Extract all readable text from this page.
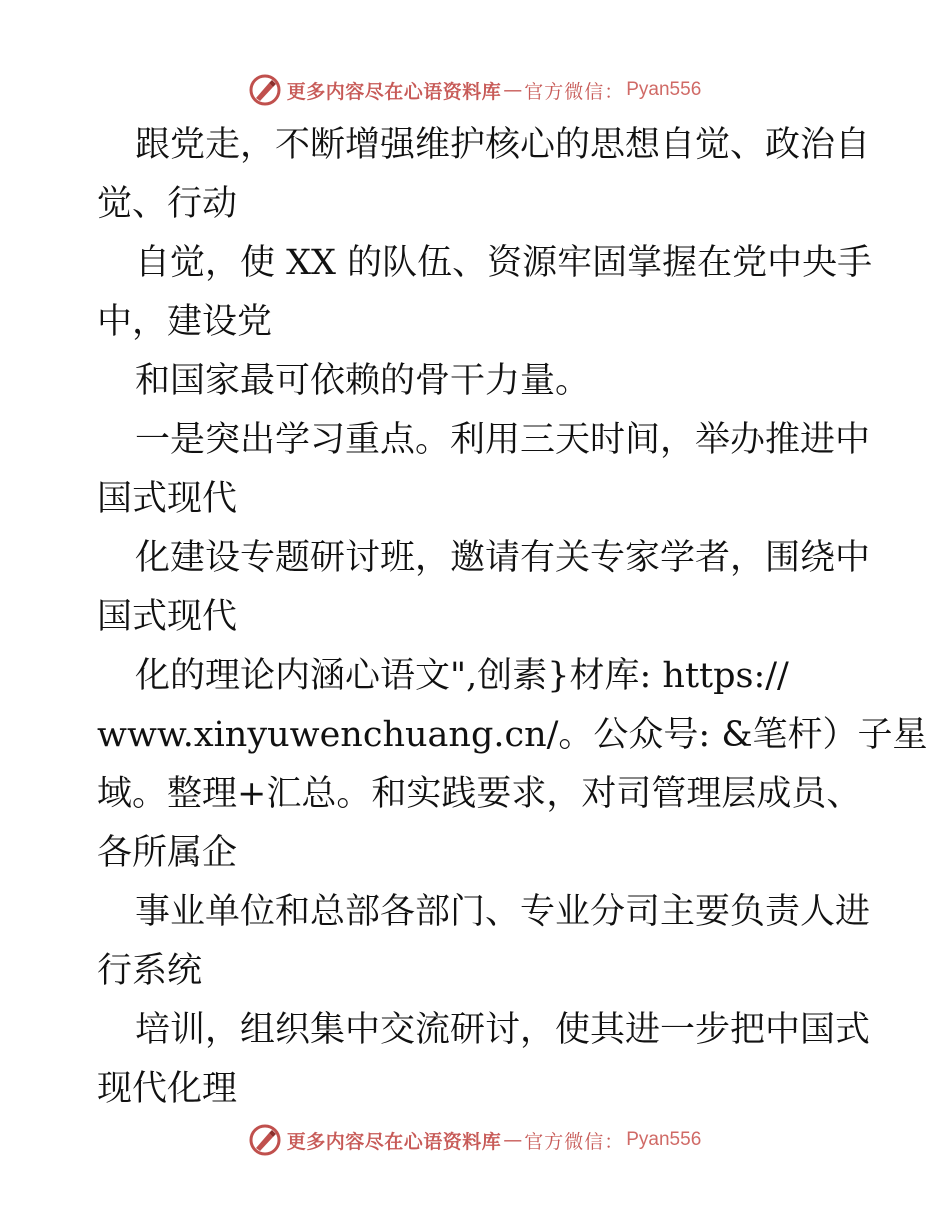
更多内容尽在心语资料库 — 官方微信： Pyan556
跟党走，不断增强维护核心的思想自觉、政治自
觉、行动
自觉，使 XX 的队伍、资源牢固掌握在党中央手
中，建设党
和国家最可依赖的骨干力量。
一是突出学习重点。利用三天时间，举办推进中
国式现代
化建设专题研讨班，邀请有关专家学者，围绕中
国式现代
化的理论内涵心语文",创素}材库: https://
www.xinyuwenchuang.cn/。公众号: &笔杆）子星
域。整理+汇总。和实践要求，对司管理层成员、
各所属企
事业单位和总部各部门、专业分司主要负责人进
行系统
培训，组织集中交流研讨，使其进一步把中国式
现代化理
更多内容尽在心语资料库 — 官方微信： Pyan556
